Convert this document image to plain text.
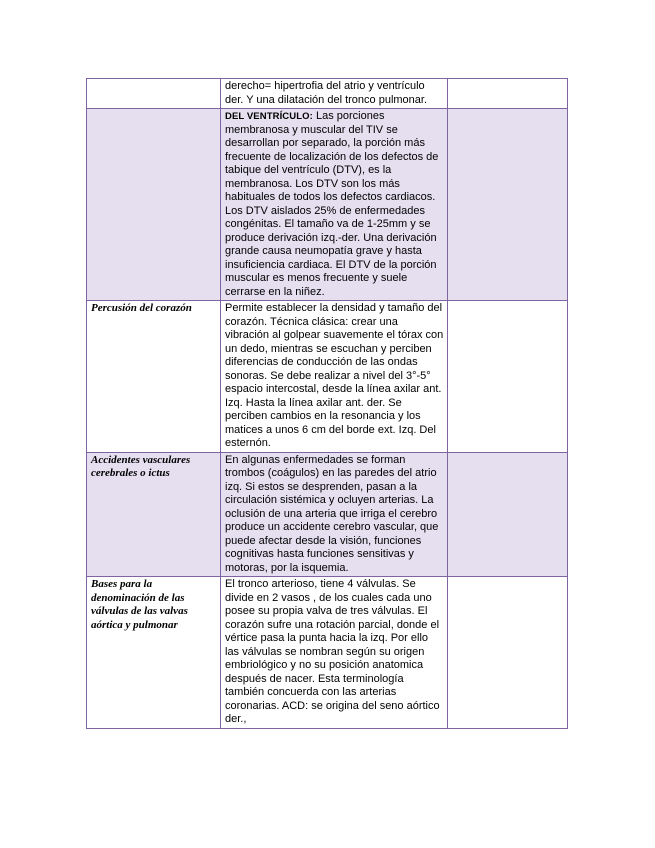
	derecho= hipertrofia del atrio y ventrículo der. Y una dilatación del tronco pulmonar.	
	DEL VENTRÍCULO: Las porciones membranosa y muscular del TIV se desarrollan por separado, la porción más frecuente de localización de los defectos de tabique del ventrículo (DTV), es la membranosa. Los DTV son los más habituales de todos los defectos cardiacos. Los DTV aislados 25% de enfermedades congénitas. El tamaño va de 1-25mm y se produce derivación izq.-der. Una derivación grande causa neumopatía grave y hasta insuficiencia cardiaca. El DTV de la porción muscular es menos frecuente y suele cerrarse en la niñez.	
Percusión del corazón	Permite establecer la densidad y tamaño del corazón. Técnica clásica: crear una vibración al golpear suavemente el tórax con un dedo, mientras se escuchan y perciben diferencias de conducción de las ondas sonoras. Se debe realizar a nivel del 3°-5° espacio intercostal, desde la línea axilar ant. Izq. Hasta la línea axilar ant. der. Se perciben cambios en la resonancia y los matices a unos 6 cm del borde ext. Izq. Del esternón.	
Accidentes vasculares cerebrales o ictus	En algunas enfermedades se forman trombos (coágulos) en las paredes del atrio izq. Si estos se desprenden, pasan a la circulación sistémica y ocluyen arterias. La oclusión de una arteria que irriga el cerebro produce un accidente cerebro vascular, que puede afectar desde la visión, funciones cognitivas hasta funciones sensitivas y motoras, por la isquemia.	
Bases para la denominación de las válvulas de las valvas aórtica y pulmonar	El tronco arterioso, tiene 4 válvulas. Se divide en 2 vasos , de los cuales cada uno posee su propia valva de tres válvulas. El corazón sufre una rotación parcial, donde el vértice pasa la punta hacia la izq. Por ello las válvulas se nombran según su origen embriológico y no su posición anatomica después de nacer. Esta terminología también concuerda con las arterias coronarias. ACD: se origina del seno aórtico der.,	
